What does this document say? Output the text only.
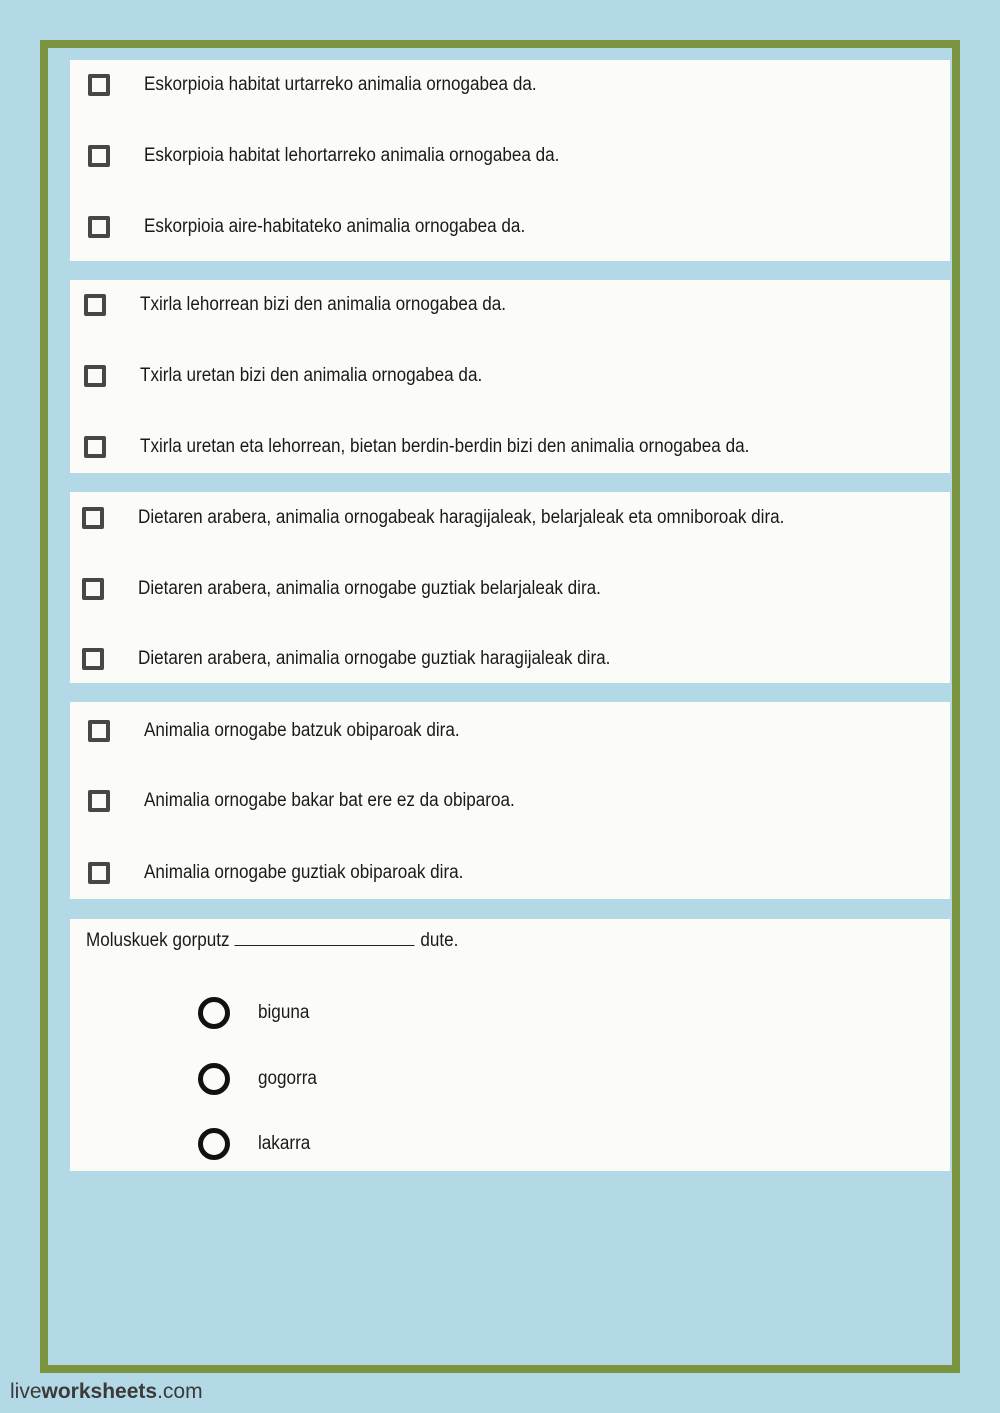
Eskorpioia habitat urtarreko animalia ornogabea da.
Eskorpioia habitat lehortarreko animalia ornogabea da.
Eskorpioia aire-habitateko animalia ornogabea da.
Txirla lehorrean bizi den animalia ornogabea da.
Txirla uretan bizi den animalia ornogabea da.
Txirla uretan eta lehorrean, bietan berdin-berdin bizi den animalia ornogabea da.
Dietaren arabera, animalia ornogabeak haragijaleak, belarjaleak eta omniboroak dira.
Dietaren arabera, animalia ornogabe guztiak belarjaleak dira.
Dietaren arabera, animalia ornogabe guztiak haragijaleak dira.
Animalia ornogabe batzuk obiparoak dira.
Animalia ornogabe bakar bat ere ez da obiparoa.
Animalia ornogabe guztiak obiparoak dira.
Moluskuek gorputz	dute.
biguna
gogorra
lakarra
liveworksheets.com
